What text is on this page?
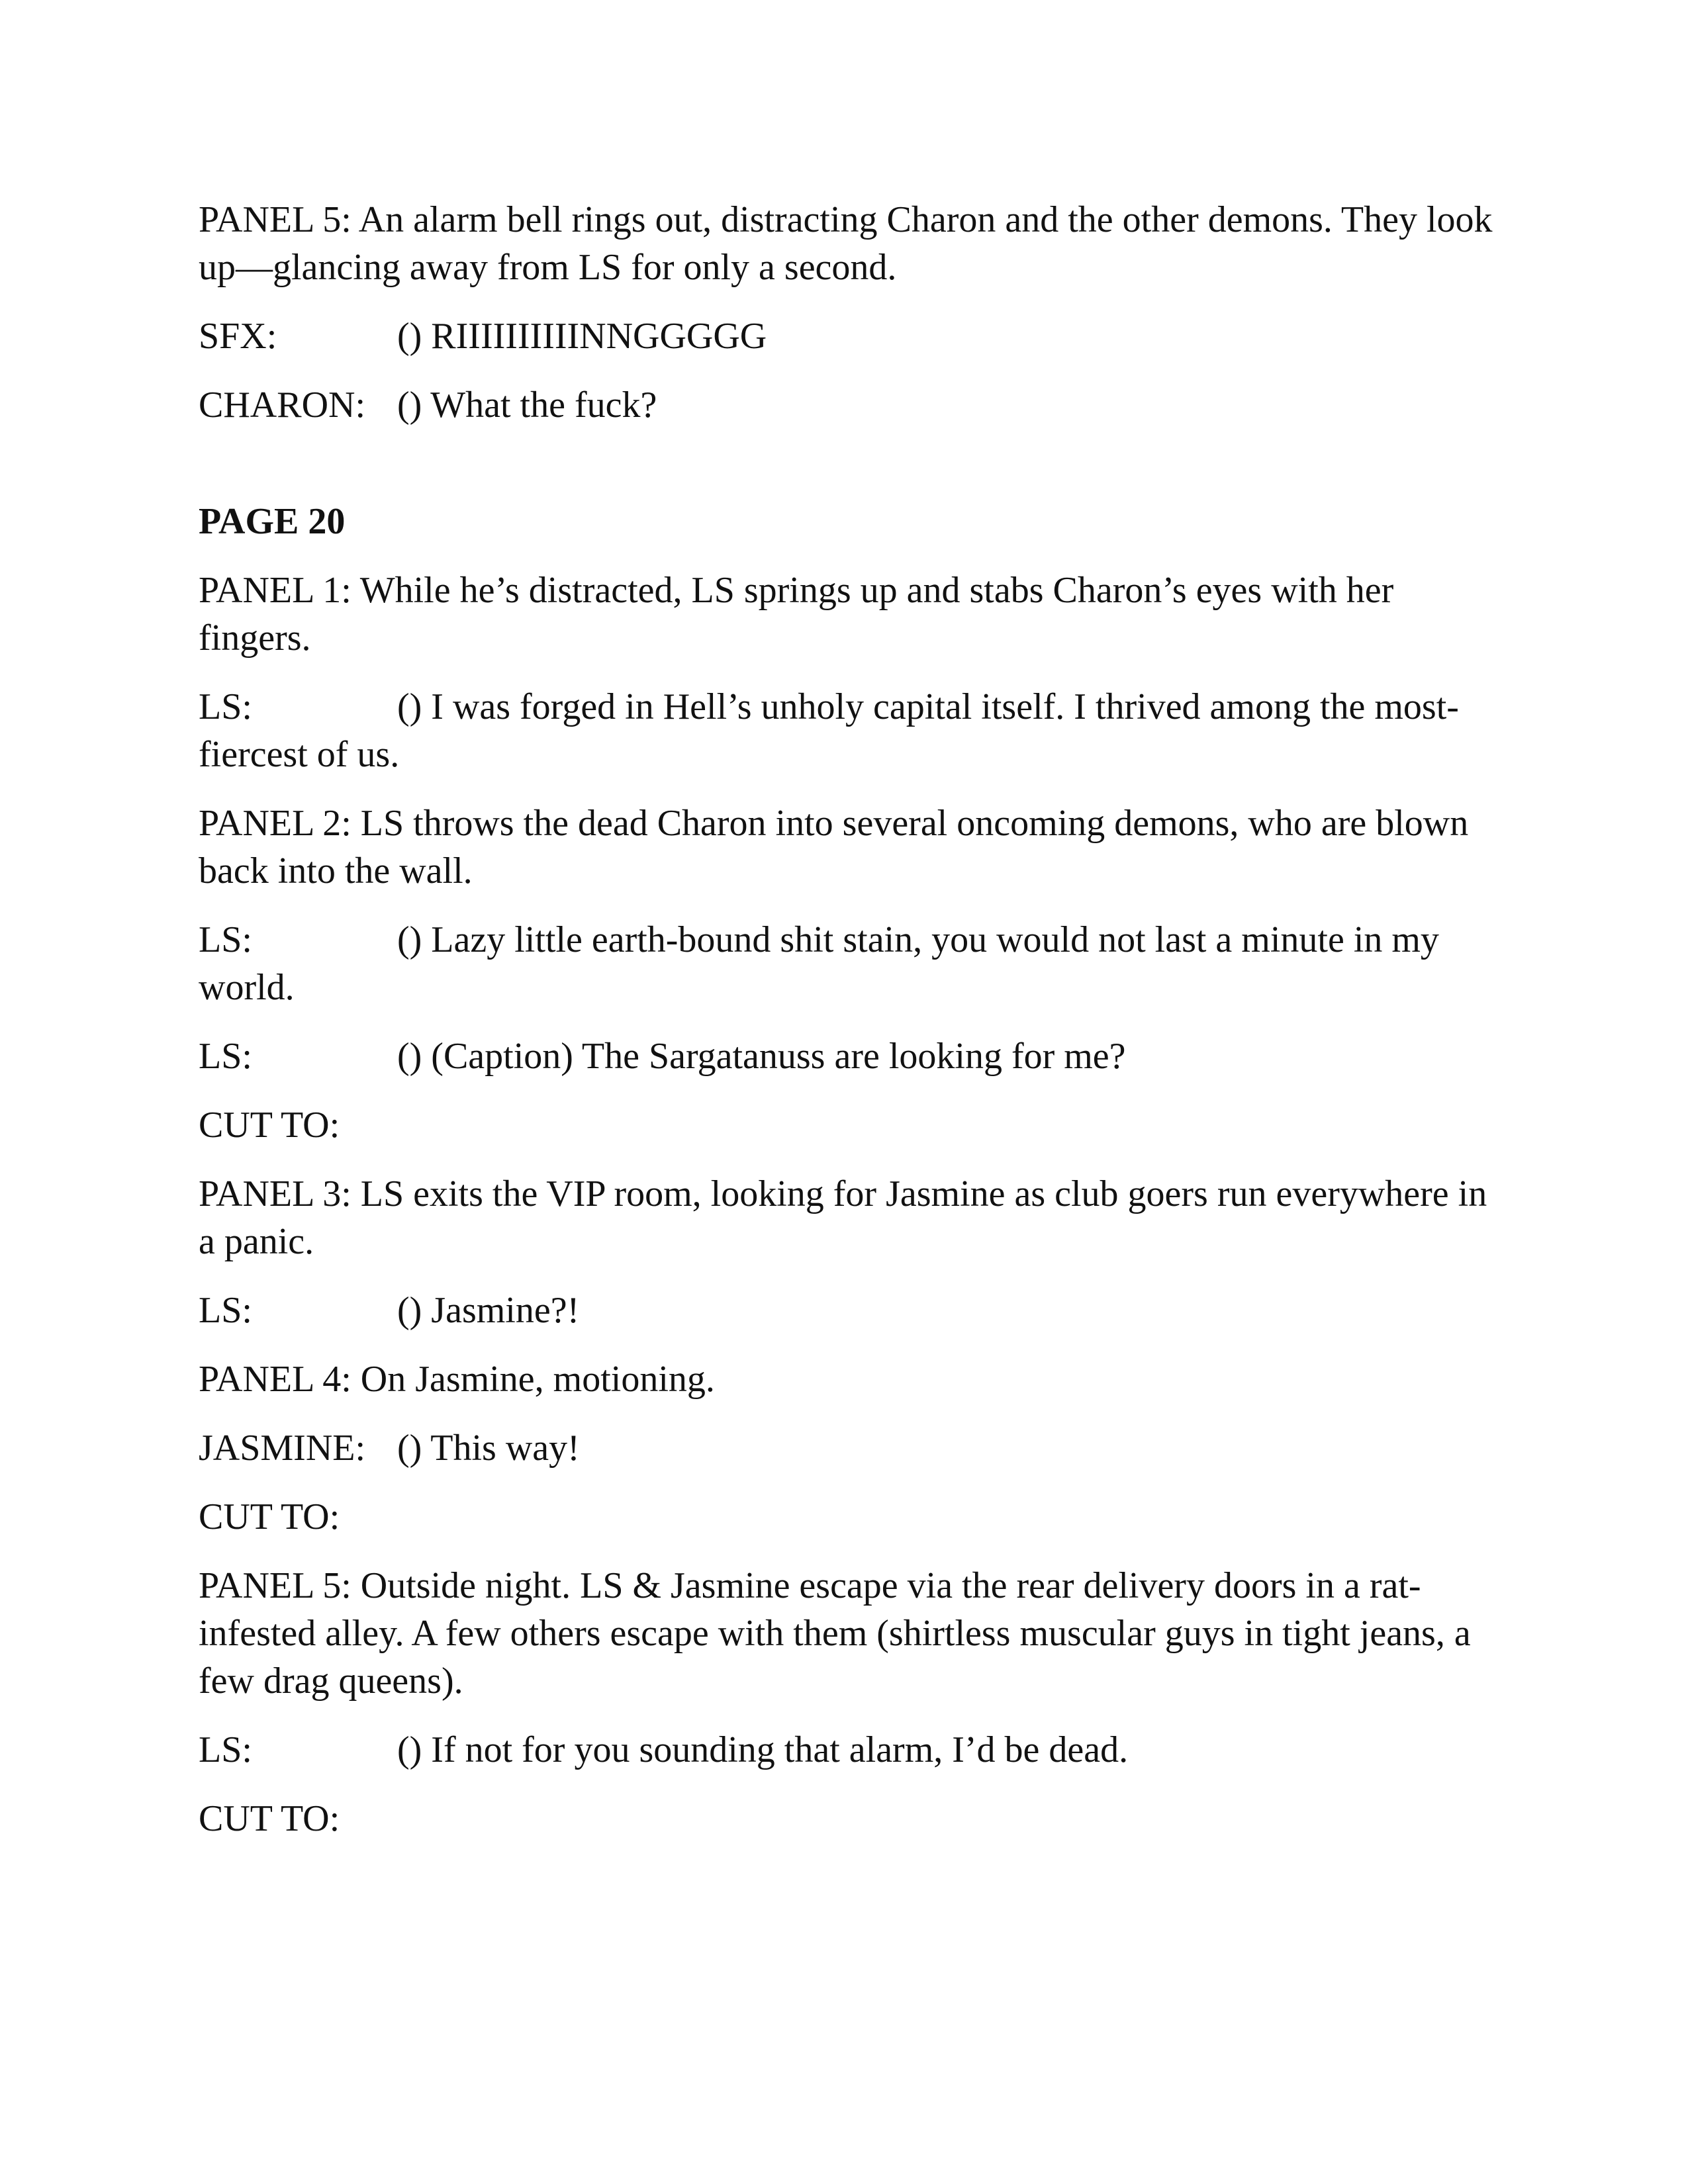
PANEL 5: An alarm bell rings out, distracting Charon and the other demons. They look up—glancing away from LS for only a second.

SFX:	() RIIIIIIIIIINNGGGGG

CHARON: () What the fuck?

PAGE 20

PANEL 1: While he’s distracted, LS springs up and stabs Charon’s eyes with her fingers.

LS:	() I was forged in Hell’s unholy capital itself. I thrived among the most-fiercest of us.

PANEL 2: LS throws the dead Charon into several oncoming demons, who are blown back into the wall.

LS:	() Lazy little earth-bound shit stain, you would not last a minute in my world.

LS:	() (Caption) The Sargatanuss are looking for me?

CUT TO:

PANEL 3: LS exits the VIP room, looking for Jasmine as club goers run everywhere in a panic.

LS:	() Jasmine?!

PANEL 4: On Jasmine, motioning.

JASMINE: () This way!

CUT TO:

PANEL 5: Outside night. LS & Jasmine escape via the rear delivery doors in a rat-infested alley. A few others escape with them (shirtless muscular guys in tight jeans, a few drag queens).

LS:	() If not for you sounding that alarm, I’d be dead.

CUT TO:
